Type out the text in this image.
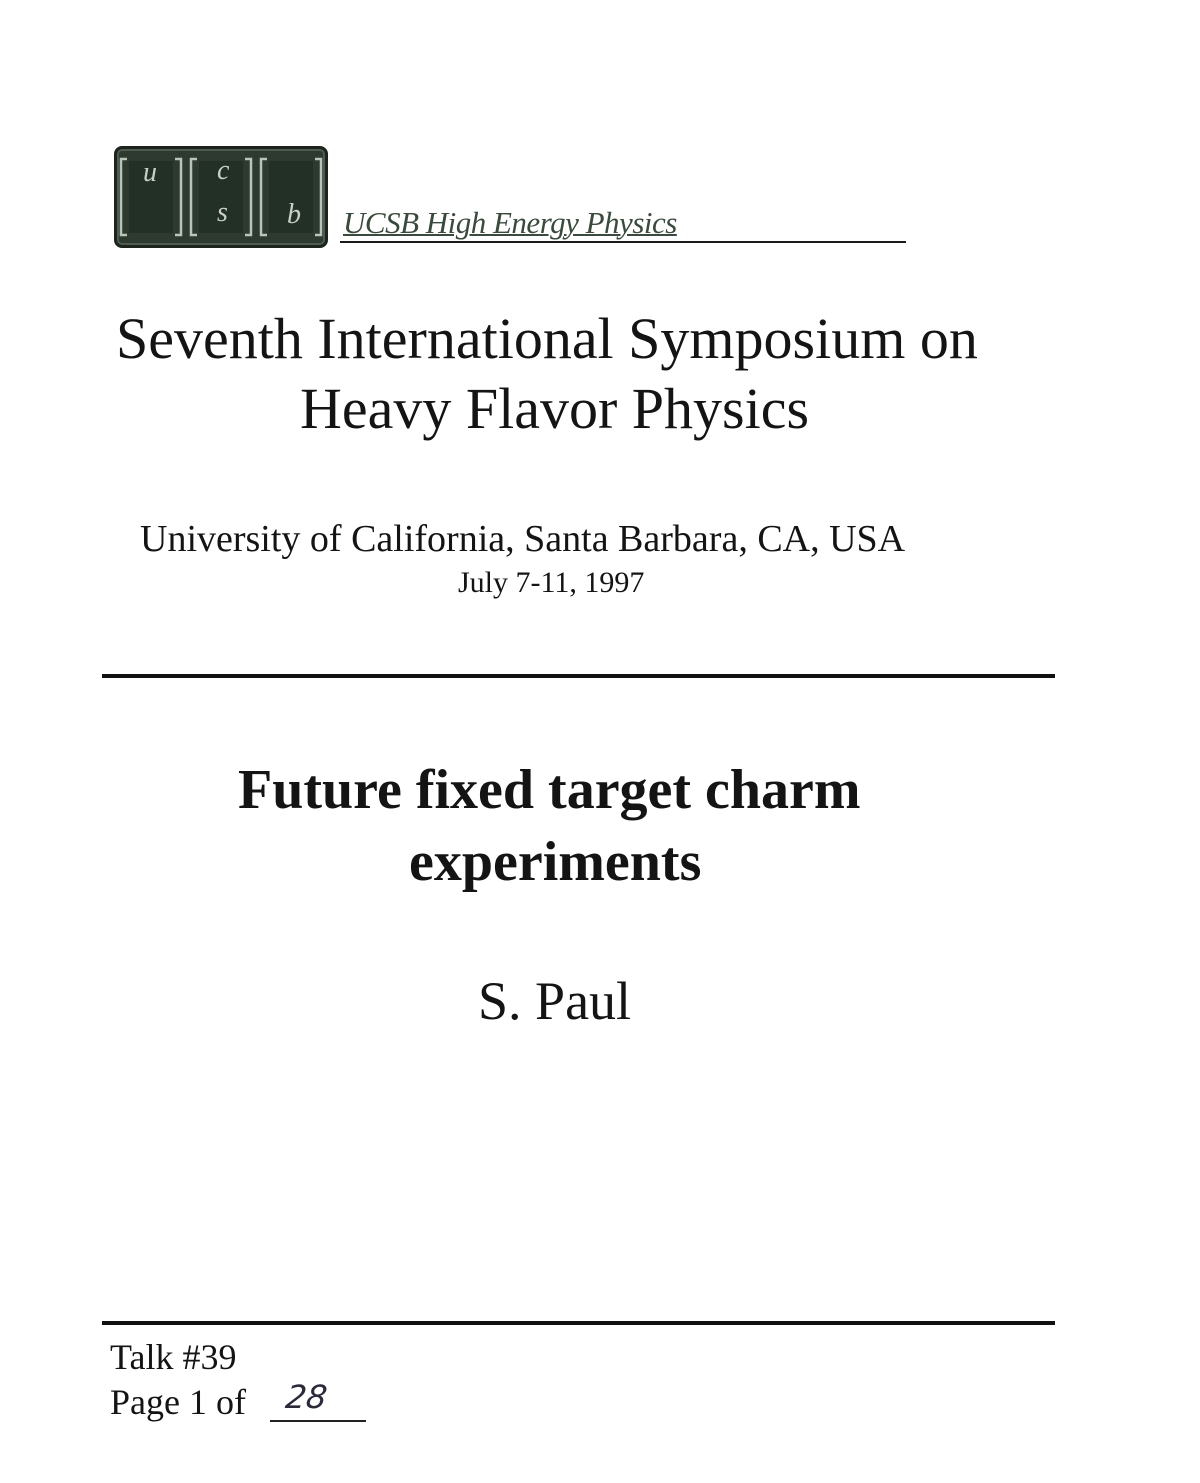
u c
s b UCSB High Energy Physics
Seventh International Symposium on
Heavy Flavor Physics
University of California, Santa Barbara, CA, USA
July 7-11, 1997
Future fixed target charm
experiments
S. Paul
Talk #39
Page 1 of 28
